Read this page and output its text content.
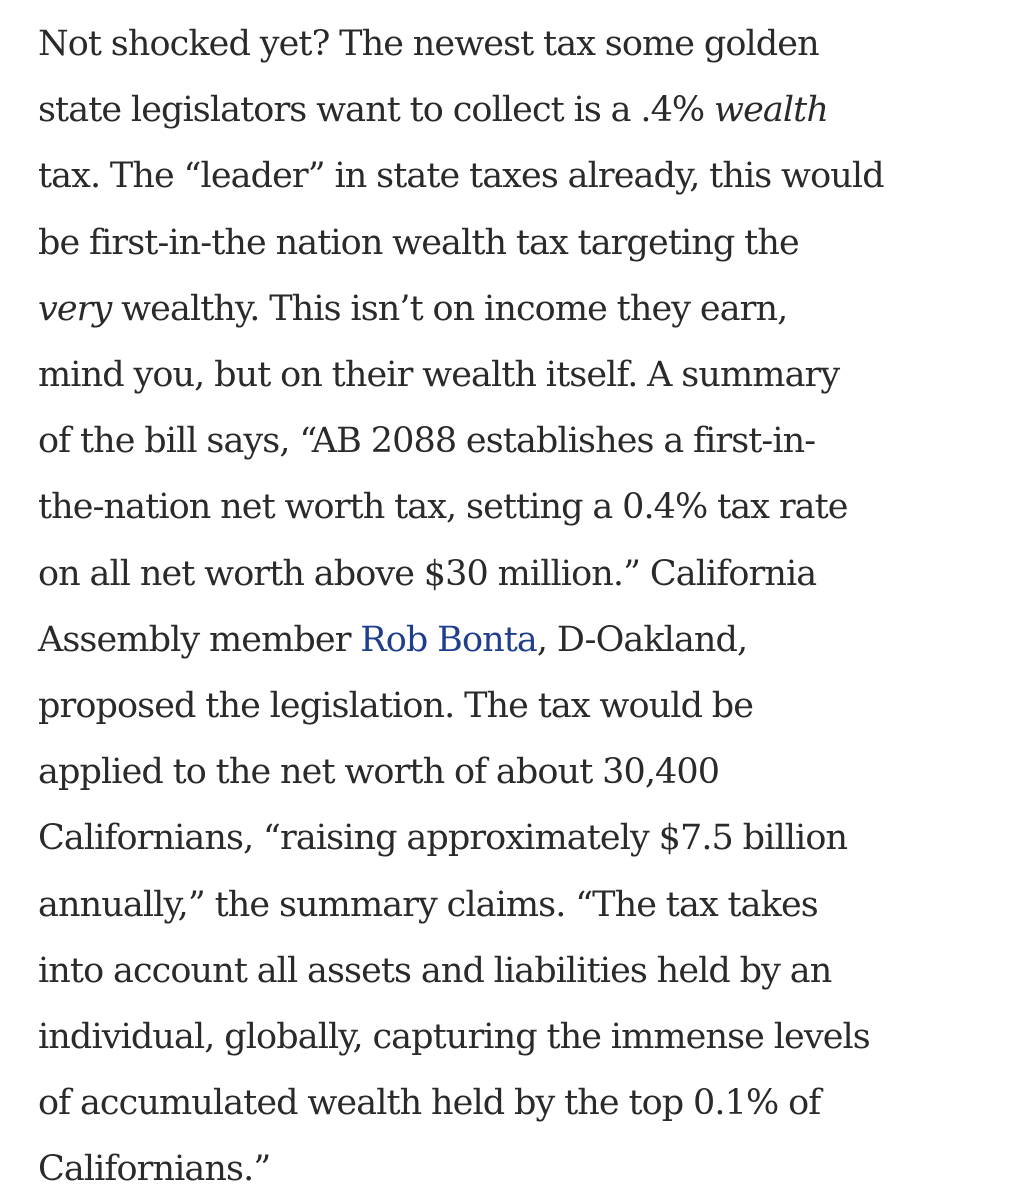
Not shocked yet? The newest tax some golden
state legislators want to collect is a .4% wealth
tax. The “leader” in state taxes already, this would
be first-in-the nation wealth tax targeting the
very wealthy. This isn’t on income they earn,
mind you, but on their wealth itself. A summary
of the bill says, “AB 2088 establishes a first-in-
the-nation net worth tax, setting a 0.4% tax rate
on all net worth above $30 million.” California
Assembly member Rob Bonta, D-Oakland,
proposed the legislation. The tax would be
applied to the net worth of about 30,400
Californians, “raising approximately $7.5 billion
annually,” the summary claims. “The tax takes
into account all assets and liabilities held by an
individual, globally, capturing the immense levels
of accumulated wealth held by the top 0.1% of
Californians.”
